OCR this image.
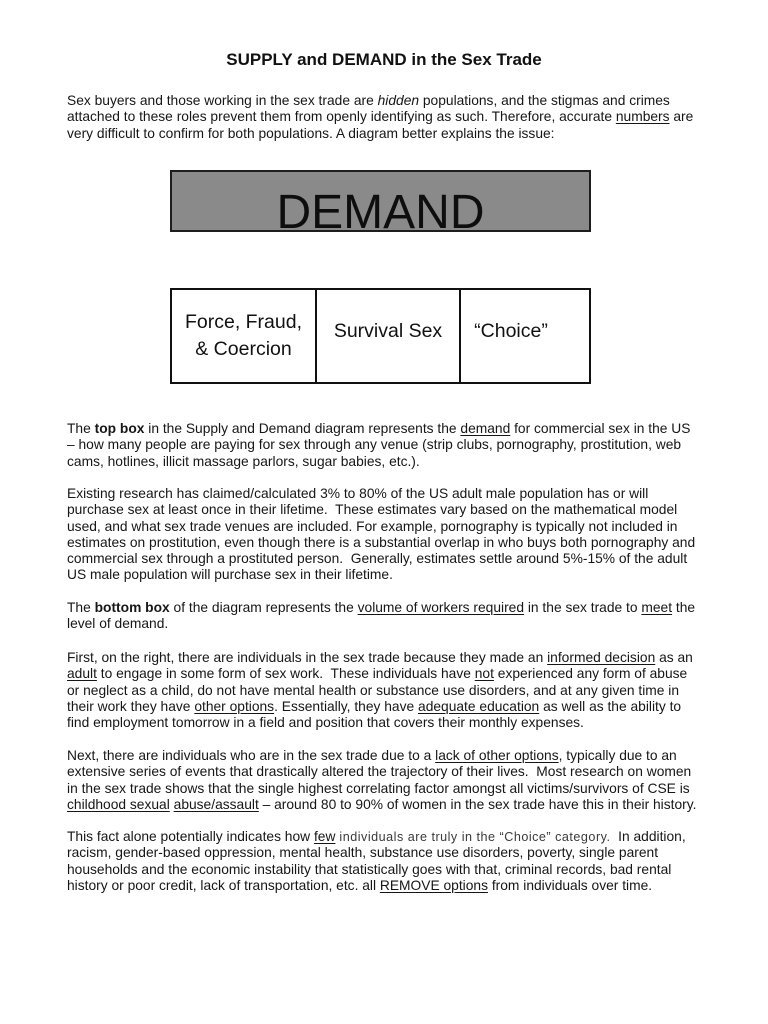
SUPPLY and DEMAND in the Sex Trade
Sex buyers and those working in the sex trade are hidden populations, and the stigmas and crimes
attached to these roles prevent them from openly identifying as such. Therefore, accurate numbers are
very difficult to confirm for both populations. A diagram better explains the issue:
DEMAND
Force, Fraud,
& Coercion
Survival Sex “Choice”
The top box in the Supply and Demand diagram represents the demand for commercial sex in the US
– how many people are paying for sex through any venue (strip clubs, pornography, prostitution, web
cams, hotlines, illicit massage parlors, sugar babies, etc.).
Existing research has claimed/calculated 3% to 80% of the US adult male population has or will
purchase sex at least once in their lifetime.  These estimates vary based on the mathematical model
used, and what sex trade venues are included. For example, pornography is typically not included in
estimates on prostitution, even though there is a substantial overlap in who buys both pornography and
commercial sex through a prostituted person.  Generally, estimates settle around 5%-15% of the adult
US male population will purchase sex in their lifetime.
The bottom box of the diagram represents the volume of workers required in the sex trade to meet the
level of demand.
First, on the right, there are individuals in the sex trade because they made an informed decision as an
adult to engage in some form of sex work.  These individuals have not experienced any form of abuse
or neglect as a child, do not have mental health or substance use disorders, and at any given time in
their work they have other options. Essentially, they have adequate education as well as the ability to
find employment tomorrow in a field and position that covers their monthly expenses.
Next, there are individuals who are in the sex trade due to a lack of other options, typically due to an
extensive series of events that drastically altered the trajectory of their lives.  Most research on women
in the sex trade shows that the single highest correlating factor amongst all victims/survivors of CSE is
childhood sexual abuse/assault – around 80 to 90% of women in the sex trade have this in their history.
This fact alone potentially indicates how few individuals are truly in the “Choice” category.  In addition,
racism, gender-based oppression, mental health, substance use disorders, poverty, single parent
households and the economic instability that statistically goes with that, criminal records, bad rental
history or poor credit, lack of transportation, etc. all REMOVE options from individuals over time.
